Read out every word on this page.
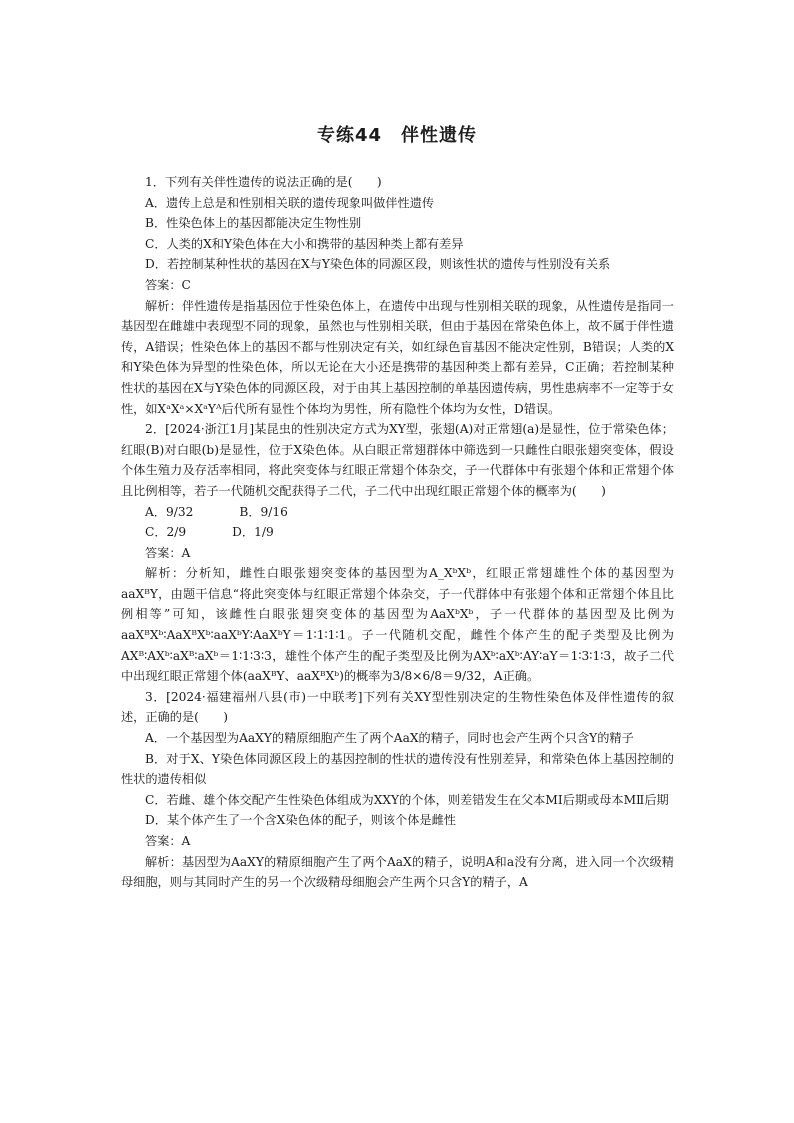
专练44　伴性遗传

1．下列有关伴性遗传的说法正确的是(　　)

A．遗传上总是和性别相关联的遗传现象叫做伴性遗传

B．性染色体上的基因都能决定生物性别

C．人类的X和Y染色体在大小和携带的基因种类上都有差异

D．若控制某种性状的基因在X与Y染色体的同源区段，则该性状的遗传与性别没有关系

答案：C

解析：伴性遗传是指基因位于性染色体上，在遗传中出现与性别相关联的现象，从性遗传是指同一基因型在雌雄中表现型不同的现象，虽然也与性别相关联，但由于基因在常染色体上，故不属于伴性遗传，A错误；性染色体上的基因不都与性别决定有关，如红绿色盲基因不能决定性别，B错误；人类的X和Y染色体为异型的性染色体，所以无论在大小还是携带的基因种类上都有差异，C正确；若控制某种性状的基因在X与Y染色体的同源区段，对于由其上基因控制的单基因遗传病，男性患病率不一定等于女性，如XᵃXᵃ×XᵃYᴬ后代所有显性个体均为男性，所有隐性个体均为女性，D错误。

2．[2024·浙江1月]某昆虫的性别决定方式为XY型，张翅(A)对正常翅(a)是显性，位于常染色体；红眼(B)对白眼(b)是显性，位于X染色体。从白眼正常翅群体中筛选到一只雌性白眼张翅突变体，假设个体生殖力及存活率相同，将此突变体与红眼正常翅个体杂交，子一代群体中有张翅个体和正常翅个体且比例相等，若子一代随机交配获得子二代，子二代中出现红眼正常翅个体的概率为(　　)

A．9/32	B．9/16
C．2/9	D．1/9

答案：A

解析：分析知，雌性白眼张翅突变体的基因型为A_XᵇXᵇ，红眼正常翅雄性个体的基因型为aaXᴮY，由题干信息“将此突变体与红眼正常翅个体杂交，子一代群体中有张翅个体和正常翅个体且比例相等”可知，该雌性白眼张翅突变体的基因型为AaXᵇXᵇ，子一代群体的基因型及比例为aaXᴮXᵇ∶AaXᴮXᵇ∶aaXᵇY∶AaXᵇY＝1∶1∶1∶1。子一代随机交配，雌性个体产生的配子类型及比例为AXᴮ∶AXᵇ∶aXᴮ∶aXᵇ＝1∶1∶3∶3，雄性个体产生的配子类型及比例为AXᵇ∶aXᵇ∶AY∶aY＝1∶3∶1∶3，故子二代中出现红眼正常翅个体(aaXᴮY、aaXᴮXᵇ)的概率为3/8×6/8＝9/32，A正确。

3．[2024·福建福州八县(市)一中联考]下列有关XY型性别决定的生物性染色体及伴性遗传的叙述，正确的是(　　)

A．一个基因型为AaXY的精原细胞产生了两个AaX的精子，同时也会产生两个只含Y的精子

B．对于X、Y染色体同源区段上的基因控制的性状的遗传没有性别差异，和常染色体上基因控制的性状的遗传相似

C．若雌、雄个体交配产生性染色体组成为XXY的个体，则差错发生在父本MⅠ后期或母本MⅡ后期

D．某个体产生了一个含X染色体的配子，则该个体是雌性

答案：A

解析：基因型为AaXY的精原细胞产生了两个AaX的精子，说明A和a没有分离，进入同一个次级精母细胞，则与其同时产生的另一个次级精母细胞会产生两个只含Y的精子，A
